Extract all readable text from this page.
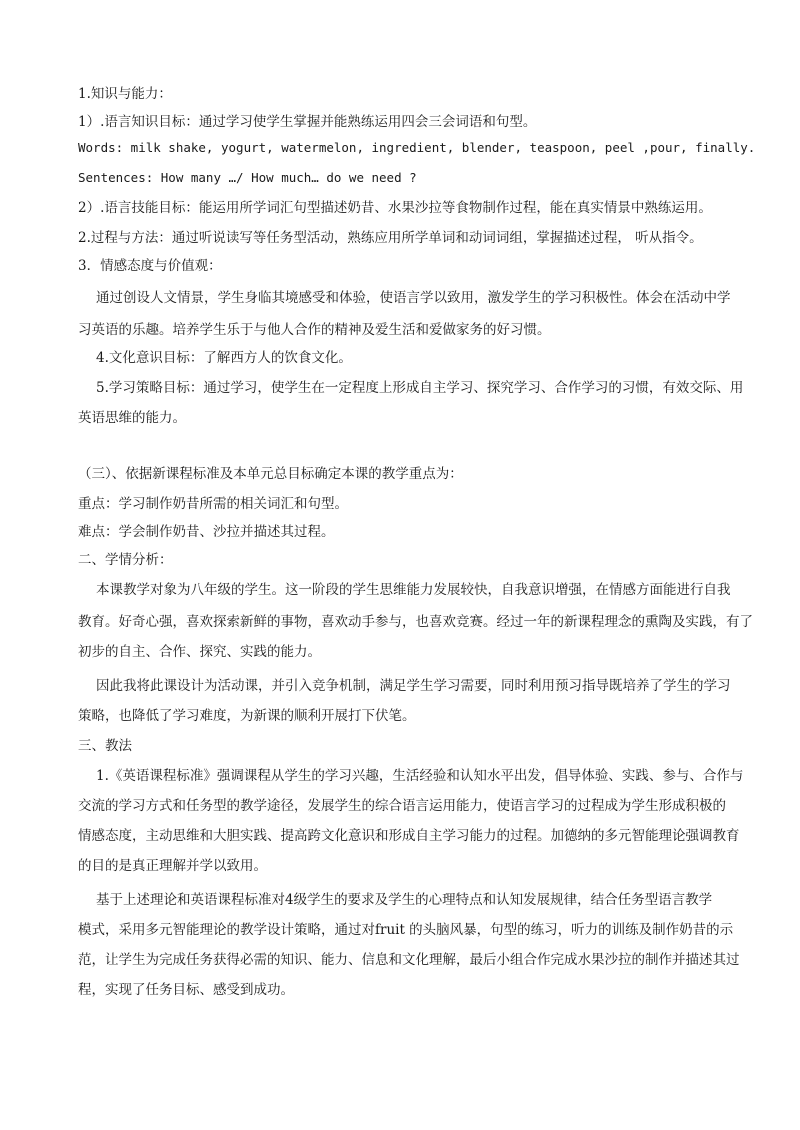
1.知识与能力：
1）.语言知识目标：通过学习使学生掌握并能熟练运用四会三会词语和句型。
Words: milk shake, yogurt, watermelon, ingredient, blender, teaspoon, peel ,pour, finally.
Sentences: How many …/ How much… do we need ?
2）.语言技能目标：能运用所学词汇句型描述奶昔、水果沙拉等食物制作过程，能在真实情景中熟练运用。
2.过程与方法：通过听说读写等任务型活动，熟练应用所学单词和动词词组，掌握描述过程， 听从指令。
3．情感态度与价值观：
通过创设人文情景，学生身临其境感受和体验，使语言学以致用，激发学生的学习积极性。体会在活动中学
习英语的乐趣。培养学生乐于与他人合作的精神及爱生活和爱做家务的好习惯。
4.文化意识目标：了解西方人的饮食文化。
5.学习策略目标：通过学习，使学生在一定程度上形成自主学习、探究学习、合作学习的习惯，有效交际、用
英语思维的能力。
（三）、依据新课程标准及本单元总目标确定本课的教学重点为：
重点：学习制作奶昔所需的相关词汇和句型。
难点：学会制作奶昔、沙拉并描述其过程。
二、学情分析：
本课教学对象为八年级的学生。这一阶段的学生思维能力发展较快，自我意识增强，在情感方面能进行自我
教育。好奇心强，喜欢探索新鲜的事物，喜欢动手参与，也喜欢竞赛。经过一年的新课程理念的熏陶及实践，有了
初步的自主、合作、探究、实践的能力。
因此我将此课设计为活动课，并引入竞争机制，满足学生学习需要，同时利用预习指导既培养了学生的学习
策略，也降低了学习难度，为新课的顺利开展打下伏笔。
三、教法
1.《英语课程标准》强调课程从学生的学习兴趣，生活经验和认知水平出发，倡导体验、实践、参与、合作与
交流的学习方式和任务型的教学途径，发展学生的综合语言运用能力，使语言学习的过程成为学生形成积极的
情感态度，主动思维和大胆实践、提高跨文化意识和形成自主学习能力的过程。加德纳的多元智能理论强调教育
的目的是真正理解并学以致用。
基于上述理论和英语课程标准对4级学生的要求及学生的心理特点和认知发展规律，结合任务型语言教学
模式，采用多元智能理论的教学设计策略，通过对fruit 的头脑风暴，句型的练习，听力的训练及制作奶昔的示
范，让学生为完成任务获得必需的知识、能力、信息和文化理解，最后小组合作完成水果沙拉的制作并描述其过
程，实现了任务目标、感受到成功。
